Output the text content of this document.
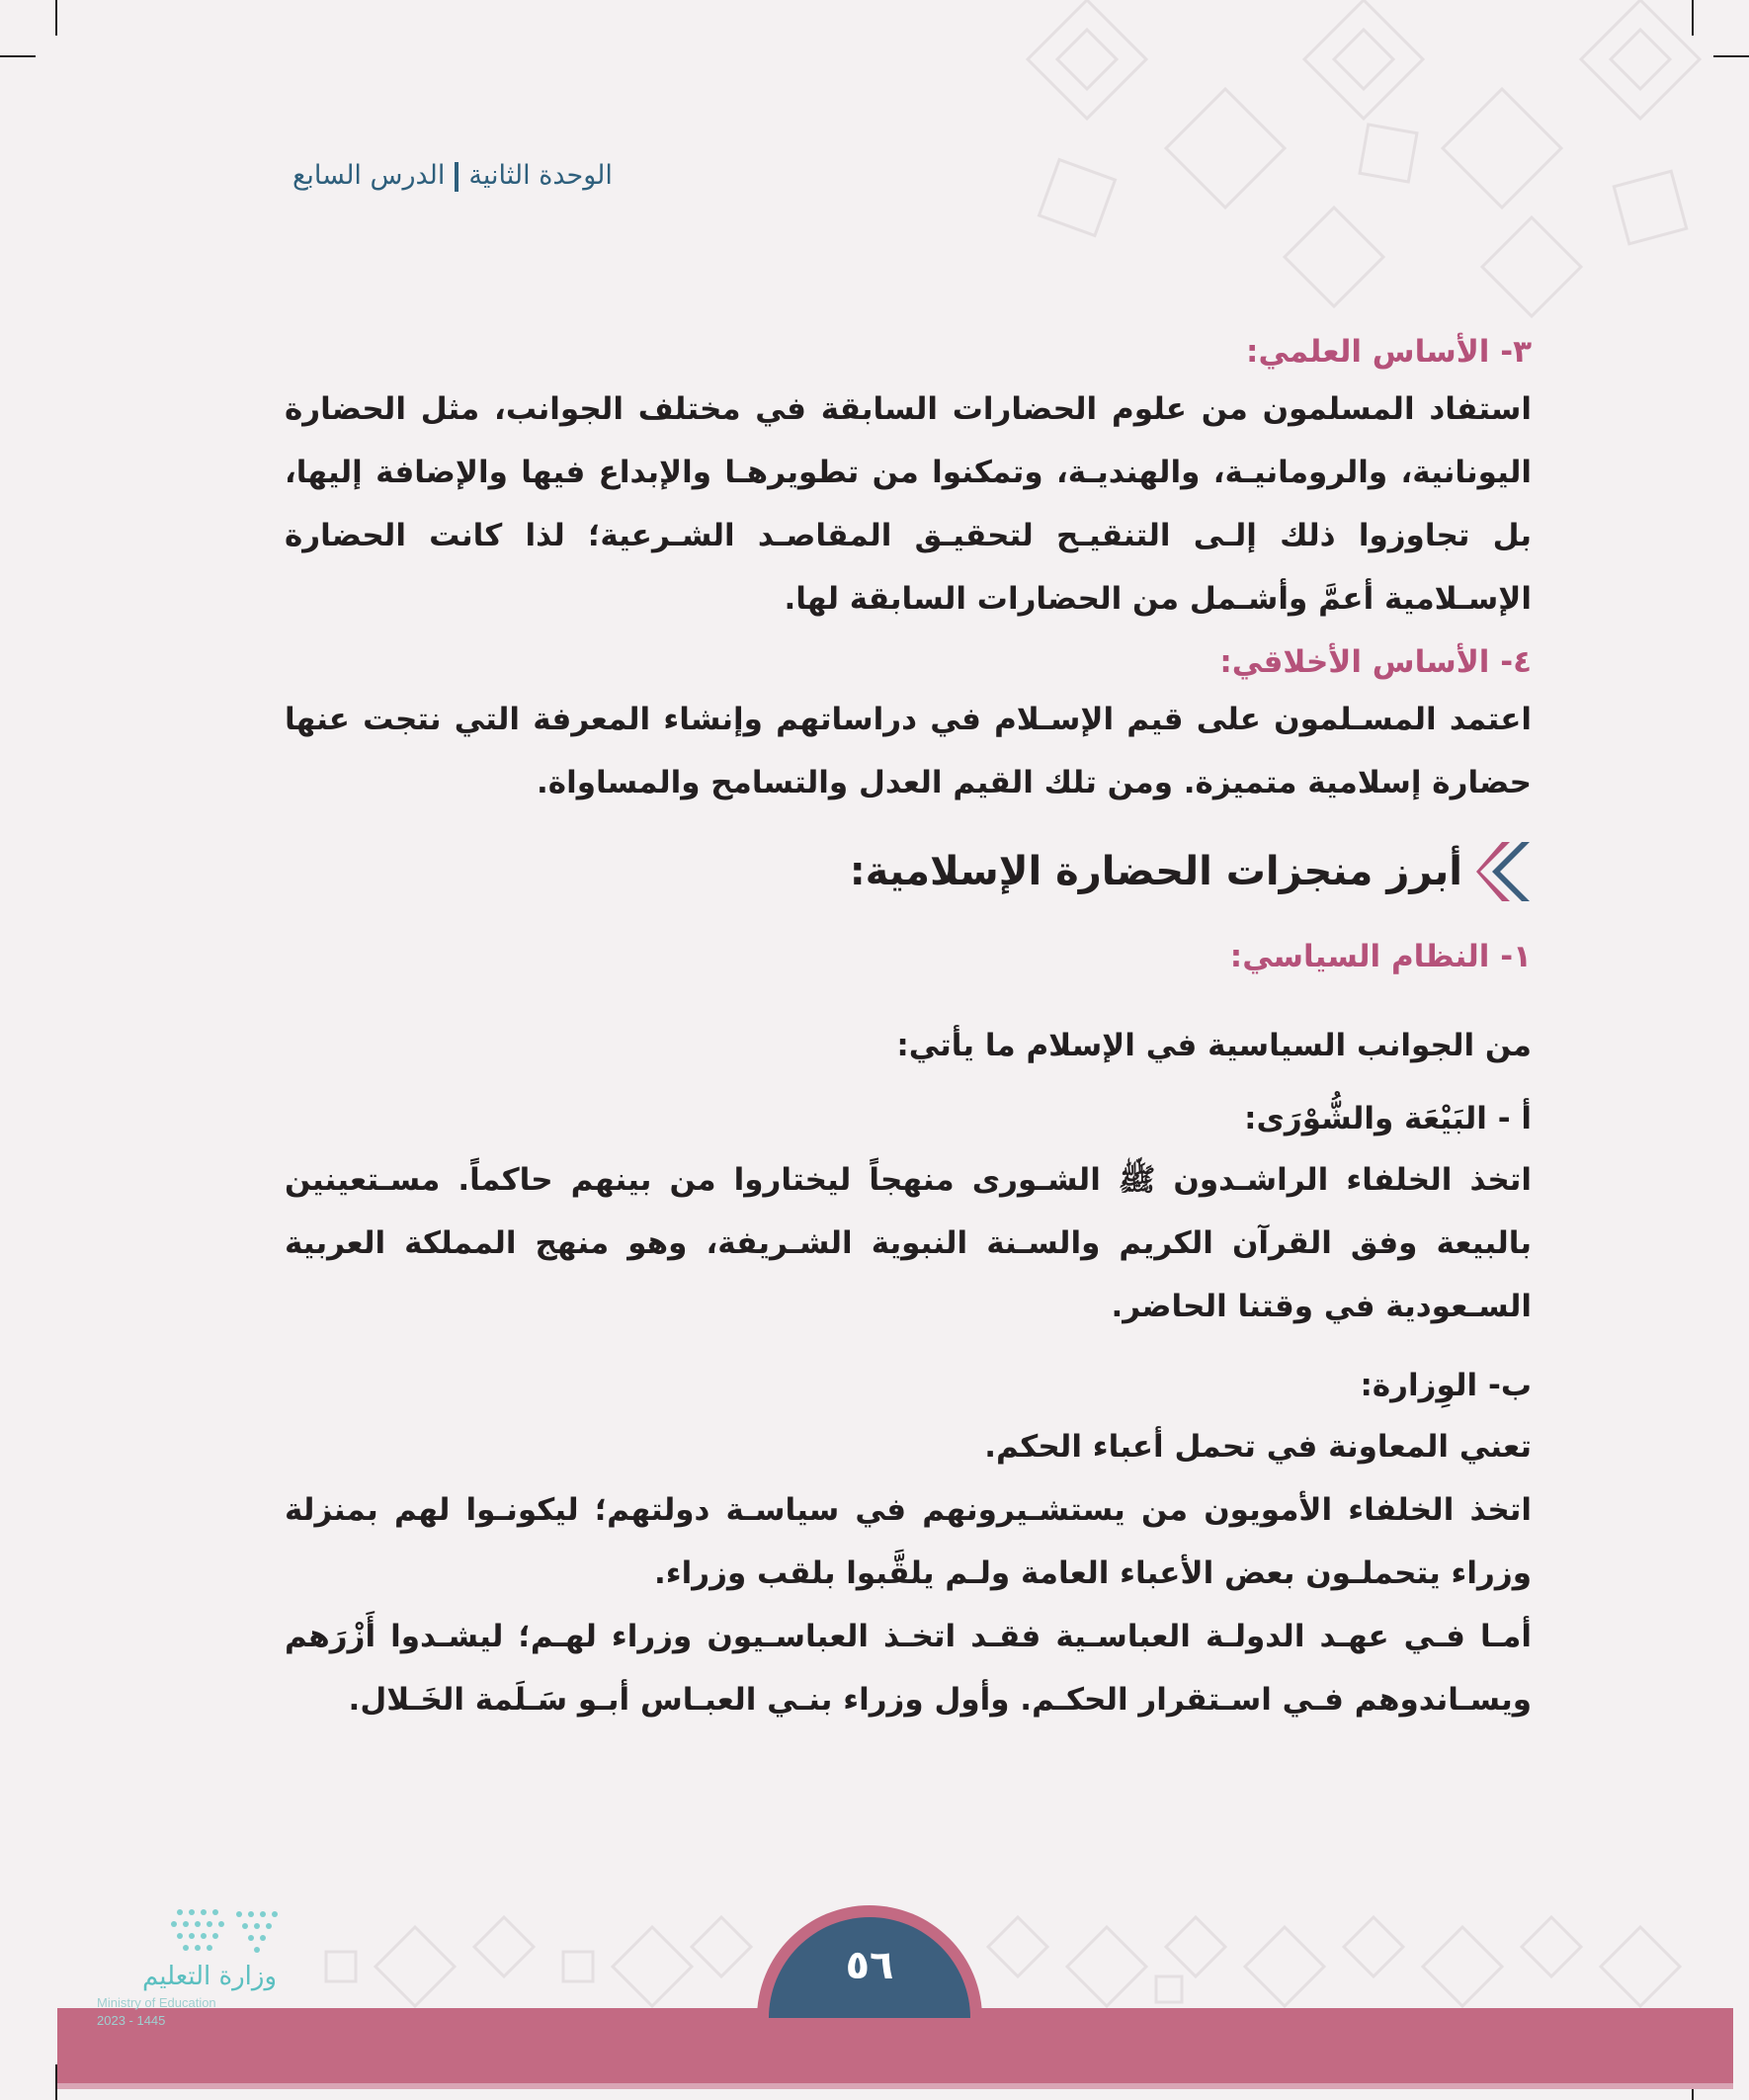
الوحدة الثانيةالدرس السابع

٣- الأساس العلمي:

استفاد المسلمون من علوم الحضارات السابقة في مختلف الجوانب، مثل الحضارة اليونانية، والرومانيـة، والهنديـة، وتمكنوا من تطويرهـا والإبداع فيها والإضافة إليها، بل تجاوزوا ذلك إلـى التنقيـح لتحقيـق المقاصـد الشـرعية؛ لذا كانت الحضارة الإسـلامية أعمَّ وأشـمل من الحضارات السابقة لها.

٤- الأساس الأخلاقي:

اعتمد المسـلمون على قيم الإسـلام في دراساتهم وإنشاء المعرفة التي نتجت عنها حضارة إسلامية متميزة. ومن تلك القيم العدل والتسامح والمساواة.

أبرز منجزات الحضارة الإسلامية:

١- النظام السياسي:

من الجوانب السياسية في الإسلام ما يأتي:

أ - البَيْعَة والشُّوْرَى:

اتخذ الخلفاء الراشـدون ﷺ الشـورى منهجاً ليختاروا من بينهم حاكماً. مسـتعينين بالبيعة وفق القرآن الكريم والسـنة النبوية الشـريفة، وهو منهج المملكة العربية السـعودية في وقتنا الحاضر.

ب- الوِزارة:

تعني المعاونة في تحمل أعباء الحكم.

اتخذ الخلفاء الأمويون من يستشـيرونهم في سياسـة دولتهم؛ ليكونـوا لهم بمنزلة وزراء يتحملـون بعض الأعباء العامة ولـم يلقَّبوا بلقب وزراء.

أمـا فـي عهـد الدولـة العباسـية فقـد اتخـذ العباسـيون وزراء لهـم؛ ليشـدوا أَزْرَهم ويسـاندوهم فـي اسـتقرار الحكـم. وأول وزراء بنـي العبـاس أبـو سَـلَمة الخَـلال.

٥٦
وزارة التعليم
Ministry of Education
2023 - 1445
